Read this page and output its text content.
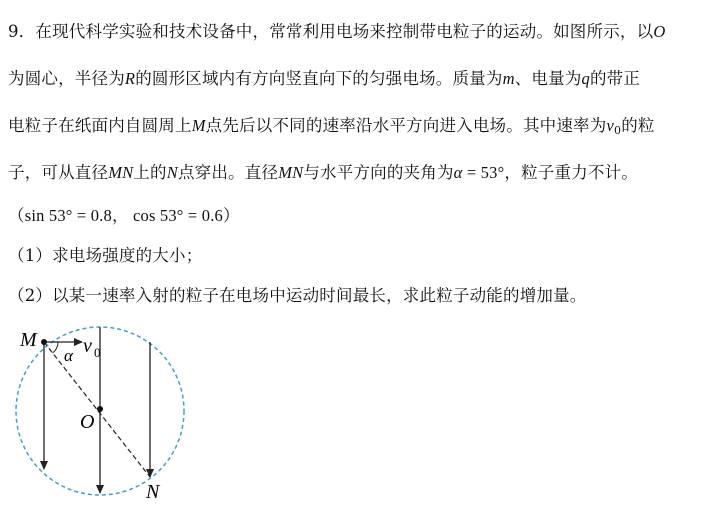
9．在现代科学实验和技术设备中，常常利用电场来控制带电粒子的运动。如图所示，以O
为圆心，半径为R的圆形区域内有方向竖直向下的匀强电场。质量为m、电量为q的带正
电粒子在纸面内自圆周上M点先后以不同的速率沿水平方向进入电场。其中速率为$v_0$的粒
子，可从直径MN上的N点穿出。直径MN与水平方向的夹角为α = 53°，粒子重力不计。
（sin 53° = 0.8， cos 53° = 0.6）
（1）求电场强度的大小；
（2）以某一速率入射的粒子在电场中运动时间最长，求此粒子动能的增加量。
M
O
N
α v 0
